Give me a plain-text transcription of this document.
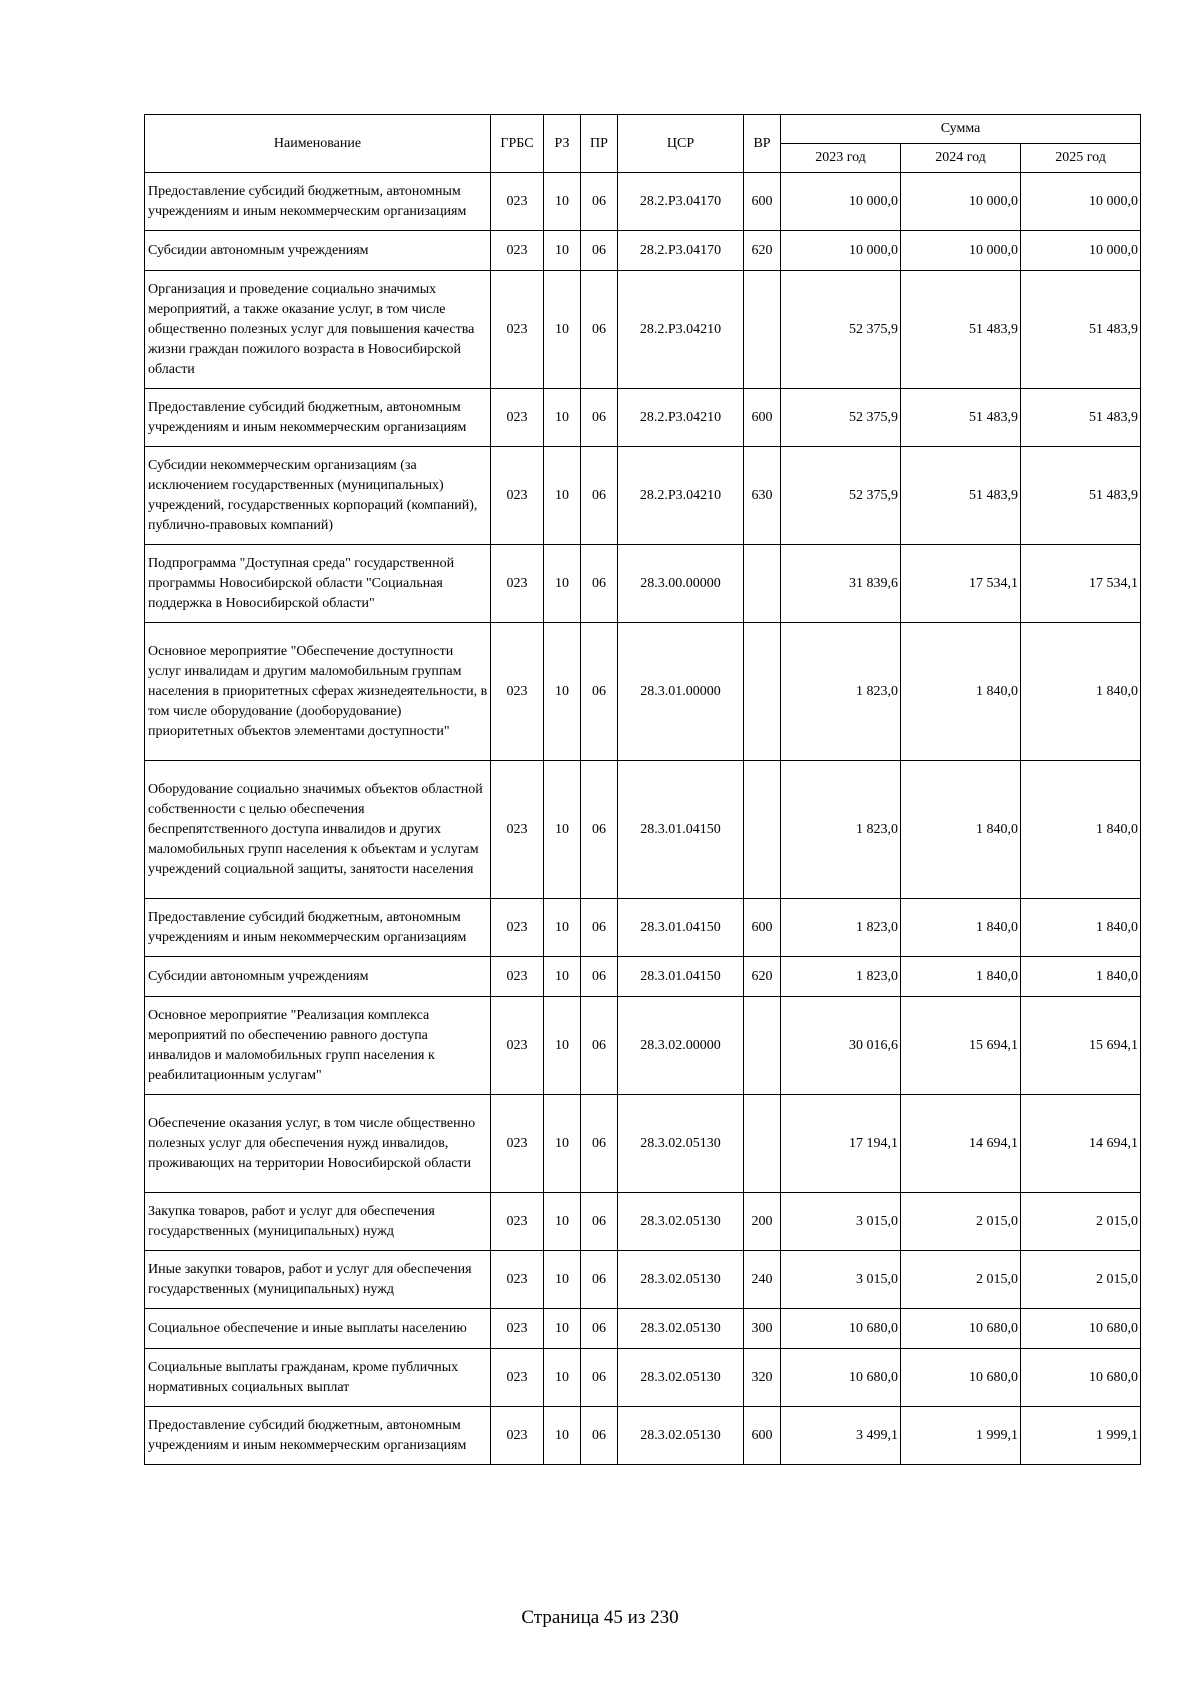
Наименование	ГРБС	РЗ	ПР	ЦСР	ВР	Сумма		
						2023 год	2024 год	2025 год
Предоставление субсидий бюджетным, автономным учреждениям и иным некоммерческим организациям	023	10	06	28.2.P3.04170	600	10 000,0	10 000,0	10 000,0
Субсидии автономным учреждениям	023	10	06	28.2.P3.04170	620	10 000,0	10 000,0	10 000,0
Организация и проведение социально значимых мероприятий, а также оказание услуг, в том числе общественно полезных услуг для повышения качества жизни граждан пожилого возраста в Новосибирской области	023	10	06	28.2.P3.04210		52 375,9	51 483,9	51 483,9
Предоставление субсидий бюджетным, автономным учреждениям и иным некоммерческим организациям	023	10	06	28.2.P3.04210	600	52 375,9	51 483,9	51 483,9
Субсидии некоммерческим организациям (за исключением государственных (муниципальных) учреждений, государственных корпораций (компаний), публично-правовых компаний)	023	10	06	28.2.P3.04210	630	52 375,9	51 483,9	51 483,9
Подпрограмма "Доступная среда" государственной программы Новосибирской области "Социальная поддержка в Новосибирской области"	023	10	06	28.3.00.00000		31 839,6	17 534,1	17 534,1
Основное мероприятие "Обеспечение доступности услуг инвалидам и другим маломобильным группам населения в приоритетных сферах жизнедеятельности, в том числе оборудование (дооборудование) приоритетных объектов элементами доступности"	023	10	06	28.3.01.00000		1 823,0	1 840,0	1 840,0
Оборудование социально значимых объектов областной собственности с целью обеспечения беспрепятственного доступа инвалидов и других маломобильных групп населения к объектам и услугам учреждений социальной защиты, занятости населения	023	10	06	28.3.01.04150		1 823,0	1 840,0	1 840,0
Предоставление субсидий бюджетным, автономным учреждениям и иным некоммерческим организациям	023	10	06	28.3.01.04150	600	1 823,0	1 840,0	1 840,0
Субсидии автономным учреждениям	023	10	06	28.3.01.04150	620	1 823,0	1 840,0	1 840,0
Основное мероприятие "Реализация комплекса мероприятий по обеспечению равного доступа инвалидов и маломобильных групп населения к реабилитационным услугам"	023	10	06	28.3.02.00000		30 016,6	15 694,1	15 694,1
Обеспечение оказания услуг, в том числе общественно полезных услуг для обеспечения нужд инвалидов, проживающих на территории Новосибирской области	023	10	06	28.3.02.05130		17 194,1	14 694,1	14 694,1
Закупка товаров, работ и услуг для обеспечения государственных (муниципальных) нужд	023	10	06	28.3.02.05130	200	3 015,0	2 015,0	2 015,0
Иные закупки товаров, работ и услуг для обеспечения государственных (муниципальных) нужд	023	10	06	28.3.02.05130	240	3 015,0	2 015,0	2 015,0
Социальное обеспечение и иные выплаты населению	023	10	06	28.3.02.05130	300	10 680,0	10 680,0	10 680,0
Социальные выплаты гражданам, кроме публичных нормативных социальных выплат	023	10	06	28.3.02.05130	320	10 680,0	10 680,0	10 680,0
Предоставление субсидий бюджетным, автономным учреждениям и иным некоммерческим организациям	023	10	06	28.3.02.05130	600	3 499,1	1 999,1	1 999,1
Страница 45 из 230
